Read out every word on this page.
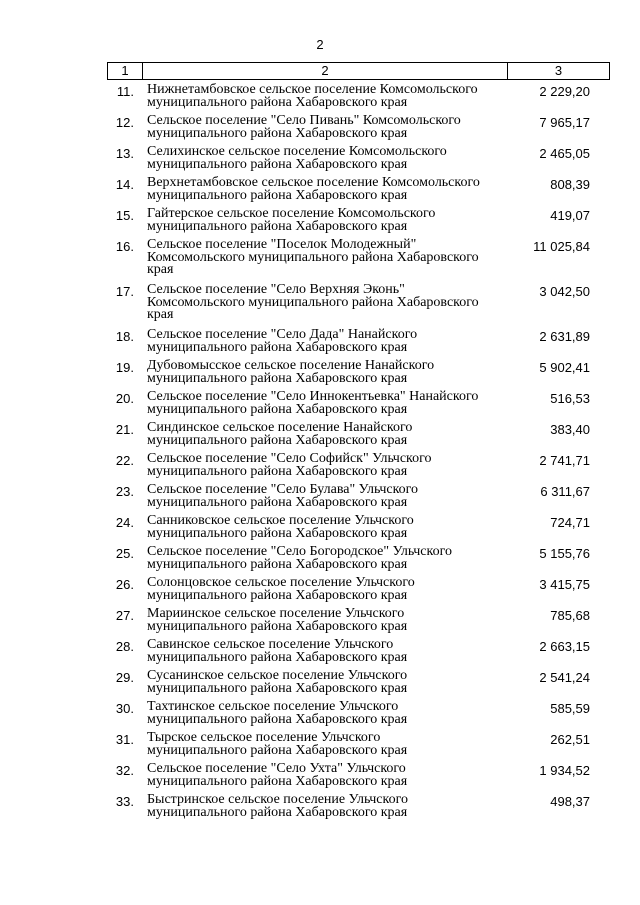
2
1	2	3
11. Нижнетамбовское сельское поселение Комсомольского
муниципального района Хабаровского края
2 229,20
12. Сельское поселение "Село Пивань" Комсомольского
муниципального района Хабаровского края
7 965,17
13. Селихинское сельское поселение Комсомольского
муниципального района Хабаровского края
2 465,05
14. Верхнетамбовское сельское поселение Комсомольского
муниципального района Хабаровского края
808,39
15. Гайтерское сельское поселение Комсомольского
муниципального района Хабаровского края
419,07
16. Сельское поселение "Поселок Молодежный"
Комсомольского муниципального района Хабаровского
края
11 025,84
17. Сельское поселение "Село Верхняя Эконь"
Комсомольского муниципального района Хабаровского
края
3 042,50
18. Сельское поселение "Село Дада" Нанайского
муниципального района Хабаровского края
2 631,89
19. Дубовомысское сельское поселение Нанайского
муниципального района Хабаровского края
5 902,41
20. Сельское поселение "Село Иннокентьевка" Нанайского
муниципального района Хабаровского края
516,53
21. Синдинское сельское поселение Нанайского
муниципального района Хабаровского края
383,40
22. Сельское поселение "Село Софийск" Ульчского
муниципального района Хабаровского края
2 741,71
23. Сельское поселение "Село Булава" Ульчского
муниципального района Хабаровского края
6 311,67
24. Санниковское сельское поселение Ульчского
муниципального района Хабаровского края
724,71
25. Сельское поселение "Село Богородское" Ульчского
муниципального района Хабаровского края
5 155,76
26. Солонцовское сельское поселение Ульчского
муниципального района Хабаровского края
3 415,75
27. Мариинское сельское поселение Ульчского
муниципального района Хабаровского края
785,68
28. Савинское сельское поселение Ульчского
муниципального района Хабаровского края
2 663,15
29. Сусанинское сельское поселение Ульчского
муниципального района Хабаровского края
2 541,24
30. Тахтинское сельское поселение Ульчского
муниципального района Хабаровского края
585,59
31. Тырское сельское поселение Ульчского
муниципального района Хабаровского края
262,51
32. Сельское поселение "Село Ухта" Ульчского
муниципального района Хабаровского края
1 934,52
33. Быстринское сельское поселение Ульчского
муниципального района Хабаровского края
498,37
